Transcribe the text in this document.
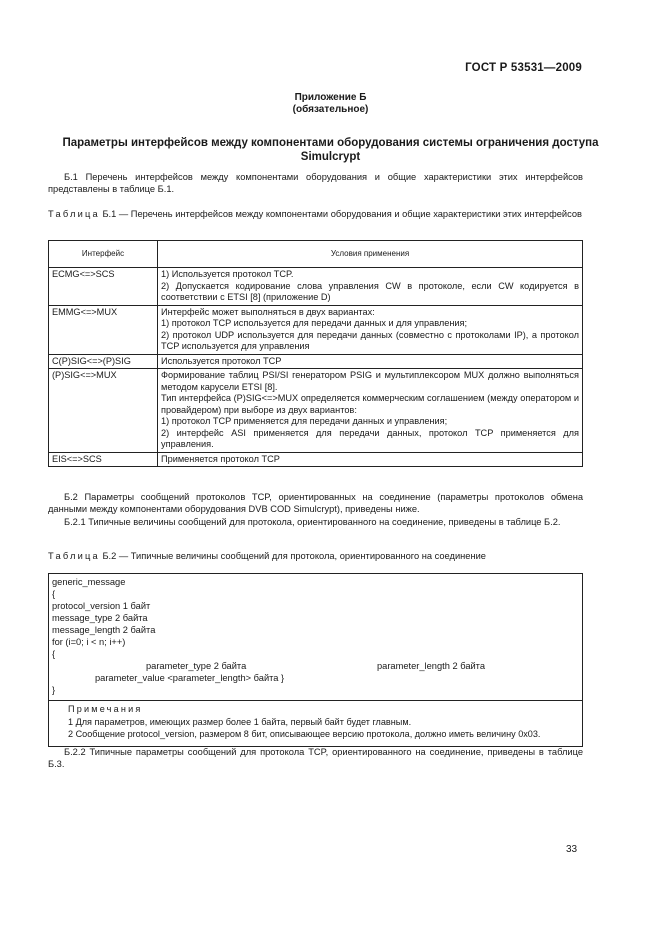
ГОСТ Р 53531—2009
Приложение Б
(обязательное)
Параметры интерфейсов между компонентами оборудования системы ограничения доступа Simulcrypt
Б.1 Перечень интерфейсов между компонентами оборудования и общие характеристики этих интерфейсов представлены в таблице Б.1.
Таблица Б.1 — Перечень интерфейсов между компонентами оборудования и общие характеристики этих интерфейсов
Интерфейс	Условия применения
ECMG<=>SCS	1) Используется протокол TCP.
2) Допускается кодирование слова управления CW в протоколе, если CW кодируется в соответствии с ETSI [8] (приложение D)

EMMG<=>MUX	Интерфейс может выполняться в двух вариантах:
1) протокол TCP используется для передачи данных и для управления;
2) протокол UDP используется для передачи данных (совместно с протоколами IP), а протокол TCP используется для управления

C(P)SIG<=>(P)SIG	Используется протокол TCP

(P)SIG<=>MUX	Формирование таблиц PSI/SI генератором PSIG и мультиплексором MUX должно выполняться методом карусели ETSI [8].
Тип интерфейса (P)SIG<=>MUX определяется коммерческим соглашением (между оператором и провайдером) при выборе из двух вариантов:
1) протокол TCP применяется для передачи данных и управления;
2) интерфейс ASI применяется для передачи данных, протокол TCP применяется для управления.

EIS<=>SCS	Применяется протокол TCP
Б.2 Параметры сообщений протоколов TCP, ориентированных на соединение (параметры протоколов обмена данными между компонентами оборудования DVB COD Simulcrypt), приведены ниже.
Б.2.1 Типичные величины сообщений для протокола, ориентированного на соединение, приведены в таблице Б.2.
Таблица Б.2 — Типичные величины сообщений для протокола, ориентированного на соединение
generic_message
{
protocol_version 1 байт
message_type 2 байта
message_length 2 байта
for (i=0; i < n; i++)
{
parameter_type 2 байта	parameter_length 2 байта
parameter_value <parameter_length> байта }
}
Примечания
1 Для параметров, имеющих размер более 1 байта, первый байт будет главным.
2 Сообщение protocol_version, размером 8 бит, описывающее версию протокола, должно иметь величину 0x03.
Б.2.2 Типичные параметры сообщений для протокола TCP, ориентированного на соединение, приведены в таблице Б.3.
33
